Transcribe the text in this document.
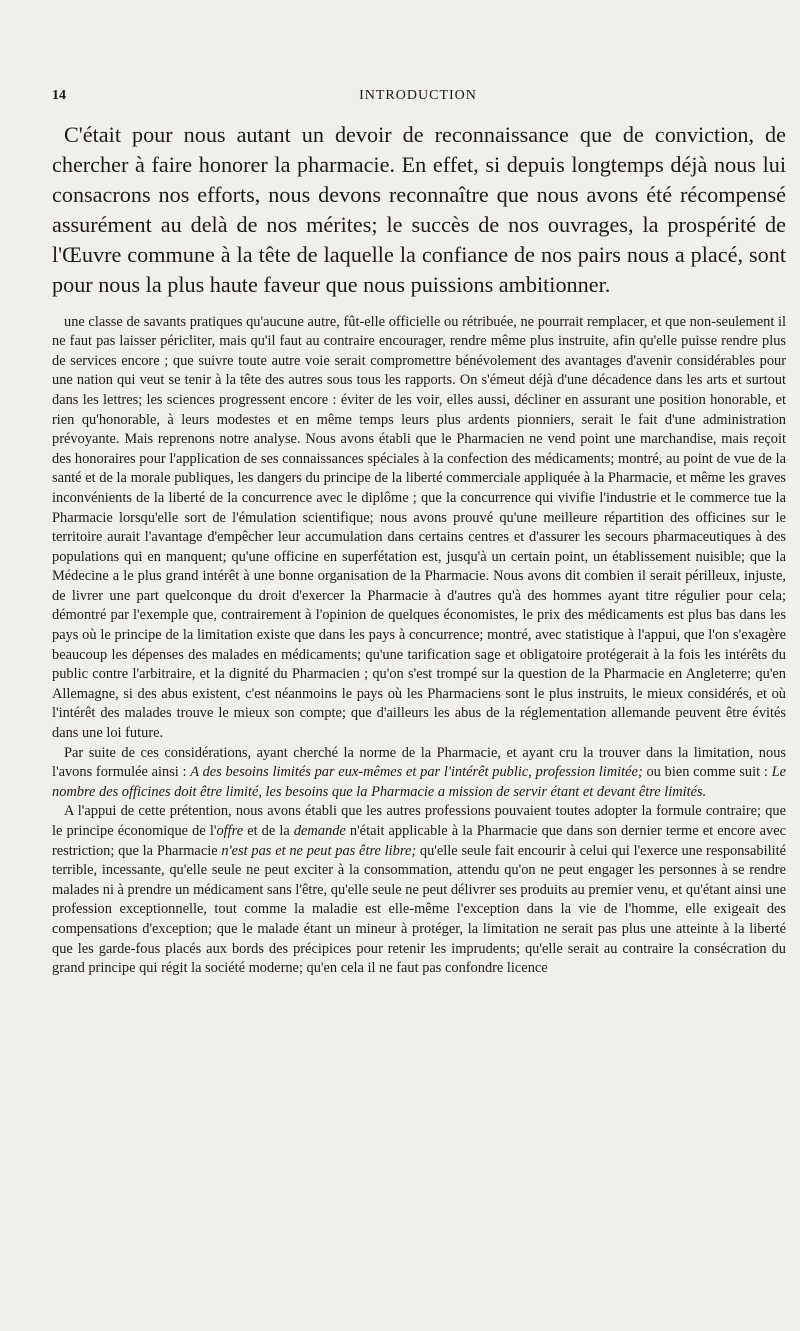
14	INTRODUCTION

C'était pour nous autant un devoir de reconnaissance que de conviction, de chercher à faire honorer la pharmacie. En effet, si depuis longtemps déjà nous lui consacrons nos efforts, nous devons reconnaître que nous avons été récompensé assurément au delà de nos mérites; le succès de nos ouvrages, la prospérité de l'Œuvre commune à la tête de laquelle la confiance de nos pairs nous a placé, sont pour nous la plus haute faveur que nous puissions ambitionner.

une classe de savants pratiques qu'aucune autre, fût-elle officielle ou rétribuée, ne pourrait remplacer, et que non-seulement il ne faut pas laisser péricliter, mais qu'il faut au contraire encourager, rendre même plus instruite, afin qu'elle puisse rendre plus de services encore ; que suivre toute autre voie serait compromettre bénévolement des avantages d'avenir considérables pour une nation qui veut se tenir à la tête des autres sous tous les rapports. On s'émeut déjà d'une décadence dans les arts et surtout dans les lettres; les sciences progressent encore : éviter de les voir, elles aussi, décliner en assurant une position honorable, et rien qu'honorable, à leurs modestes et en même temps leurs plus ardents pionniers, serait le fait d'une administration prévoyante. Mais reprenons notre analyse. Nous avons établi que le Pharmacien ne vend point une marchandise, mais reçoit des honoraires pour l'application de ses connaissances spéciales à la confection des médicaments; montré, au point de vue de la santé et de la morale publiques, les dangers du principe de la liberté commerciale appliquée à la Pharmacie, et même les graves inconvénients de la liberté de la concurrence avec le diplôme ; que la concurrence qui vivifie l'industrie et le commerce tue la Pharmacie lorsqu'elle sort de l'émulation scientifique; nous avons prouvé qu'une meilleure répartition des officines sur le territoire aurait l'avantage d'empêcher leur accumulation dans certains centres et d'assurer les secours pharmaceutiques à des populations qui en manquent; qu'une officine en superfétation est, jusqu'à un certain point, un établissement nuisible; que la Médecine a le plus grand intérêt à une bonne organisation de la Pharmacie. Nous avons dit combien il serait périlleux, injuste, de livrer une part quelconque du droit d'exercer la Pharmacie à d'autres qu'à des hommes ayant titre régulier pour cela; démontré par l'exemple que, contrairement à l'opinion de quelques économistes, le prix des médicaments est plus bas dans les pays où le principe de la limitation existe que dans les pays à concurrence; montré, avec statistique à l'appui, que l'on s'exagère beaucoup les dépenses des malades en médicaments; qu'une tarification sage et obligatoire protégerait à la fois les intérêts du public contre l'arbitraire, et la dignité du Pharmacien ; qu'on s'est trompé sur la question de la Pharmacie en Angleterre; qu'en Allemagne, si des abus existent, c'est néanmoins le pays où les Pharmaciens sont le plus instruits, le mieux considérés, et où l'intérêt des malades trouve le mieux son compte; que d'ailleurs les abus de la réglementation allemande peuvent être évités dans une loi future.

Par suite de ces considérations, ayant cherché la norme de la Pharmacie, et ayant cru la trouver dans la limitation, nous l'avons formulée ainsi : A des besoins limités par eux-mêmes et par l'intérêt public, profession limitée; ou bien comme suit : Le nombre des officines doit être limité, les besoins que la Pharmacie a mission de servir étant et devant être limités.

A l'appui de cette prétention, nous avons établi que les autres professions pouvaient toutes adopter la formule contraire; que le principe économique de l'offre et de la demande n'était applicable à la Pharmacie que dans son dernier terme et encore avec restriction; que la Pharmacie n'est pas et ne peut pas être libre; qu'elle seule fait encourir à celui qui l'exerce une responsabilité terrible, incessante, qu'elle seule ne peut exciter à la consommation, attendu qu'on ne peut engager les personnes à se rendre malades ni à prendre un médicament sans l'être, qu'elle seule ne peut délivrer ses produits au premier venu, et qu'étant ainsi une profession exceptionnelle, tout comme la maladie est elle-même l'exception dans la vie de l'homme, elle exigeait des compensations d'exception; que le malade étant un mineur à protéger, la limitation ne serait pas plus une atteinte à la liberté que les garde-fous placés aux bords des précipices pour retenir les imprudents; qu'elle serait au contraire la consécration du grand principe qui régit la société moderne; qu'en cela il ne faut pas confondre licence
